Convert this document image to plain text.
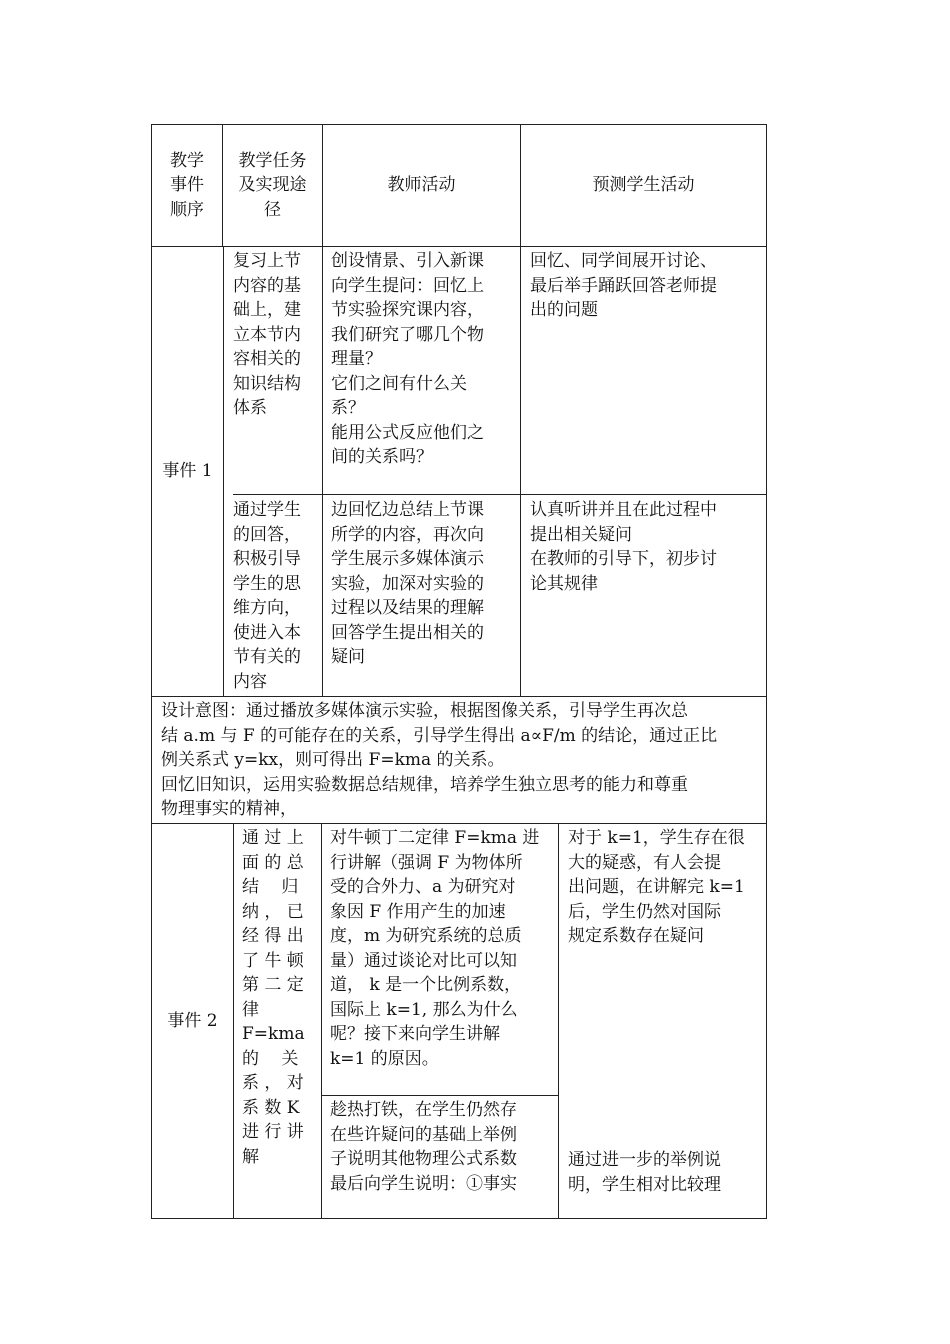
教学
事件
顺序
教学任务
及实现途
径
教师活动	预测学生活动
事件 1
复习上节
内容的基
础上，建
立本节内
容相关的
知识结构
体系
创设情景、引入新课
向学生提问：回忆上
节实验探究课内容，
我们研究了哪几个物
理量？
它们之间有什么关
系？
能用公式反应他们之
间的关系吗？
回忆、同学间展开讨论、
最后举手踊跃回答老师提
出的问题
通过学生
的回答，
积极引导
学生的思
维方向，
使进入本
节有关的
内容
边回忆边总结上节课
所学的内容，再次向
学生展示多媒体演示
实验，加深对实验的
过程以及结果的理解
回答学生提出相关的
疑问
认真听讲并且在此过程中
提出相关疑问
在教师的引导下，初步讨
论其规律
设计意图：通过播放多媒体演示实验，根据图像关系，引导学生再次总
结 a.m 与 F 的可能存在的关系，引导学生得出 a∝F/m 的结论，通过正比
例关系式 y=kx，则可得出 F=kma 的关系。
回忆旧知识，运用实验数据总结规律，培养学生独立思考的能力和尊重
物理事实的精神，
事件 2
通 过 上
面 的 总
结　 归
纳 ， 已
经 得 出
了 牛 顿
第 二 定
律
F=kma
的　 关
系 ， 对
系 数 K
进 行 讲
解
对牛顿丁二定律 F=kma 进
行讲解（强调 F 为物体所
受的合外力、a 为研究对
象因 F 作用产生的加速
度，m 为研究系统的总质
量）通过谈论对比可以知
道， k 是一个比例系数，
国际上 k=1, 那么为什么
呢？接下来向学生讲解
k=1 的原因。
趁热打铁，在学生仍然存
在些许疑问的基础上举例
子说明其他物理公式系数
最后向学生说明：①事实
对于 k=1，学生存在很
大的疑惑，有人会提
出问题，在讲解完 k=1
后，学生仍然对国际
规定系数存在疑问
通过进一步的举例说
明，学生相对比较理
